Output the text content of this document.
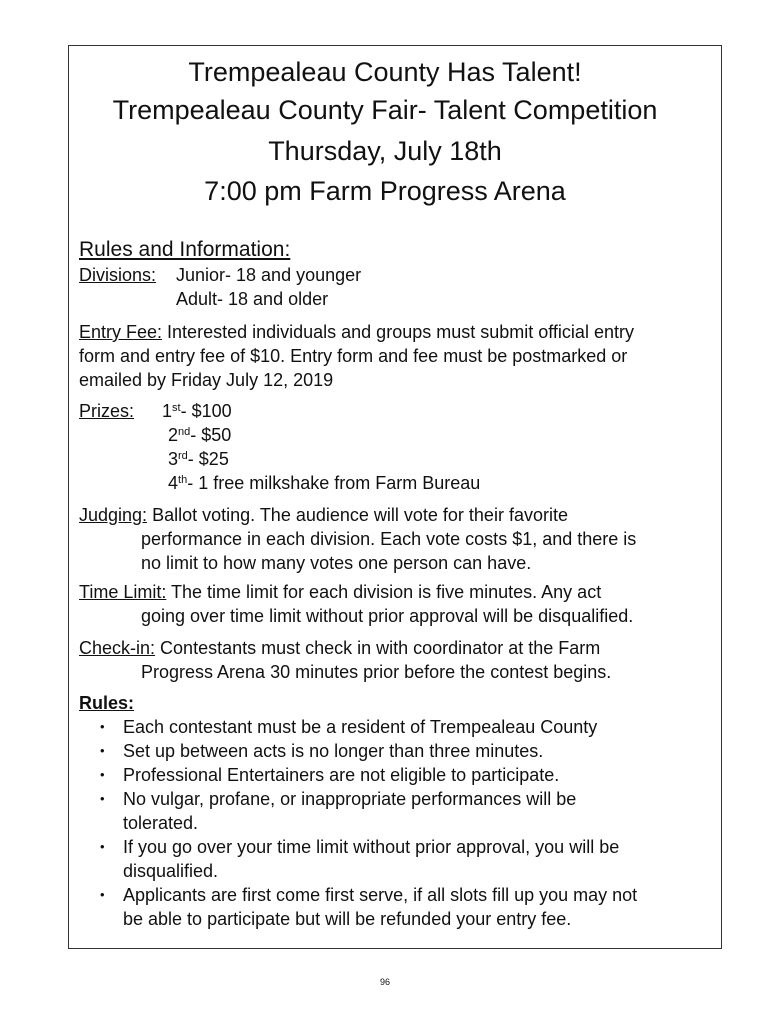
Trempealeau County Has Talent!
Trempealeau County Fair- Talent Competition
Thursday, July 18th
7:00 pm Farm Progress Arena
Rules and Information:
Divisions: Junior- 18 and younger
Adult- 18 and older
Entry Fee: Interested individuals and groups must submit official entry
form and entry fee of $10. Entry form and fee must be postmarked or
emailed by Friday July 12, 2019
Prizes: 1st- $100
2nd- $50
3rd- $25
4th- 1 free milkshake from Farm Bureau
Judging: Ballot voting. The audience will vote for their favorite
performance in each division. Each vote costs $1, and there is
no limit to how many votes one person can have.
Time Limit: The time limit for each division is five minutes. Any act
going over time limit without prior approval will be disqualified.
Check-in: Contestants must check in with coordinator at the Farm
Progress Arena 30 minutes prior before the contest begins.
Rules:
• Each contestant must be a resident of Trempealeau County
• Set up between acts is no longer than three minutes.
• Professional Entertainers are not eligible to participate.
• No vulgar, profane, or inappropriate performances will be
tolerated.
• If you go over your time limit without prior approval, you will be
disqualified.
• Applicants are first come first serve, if all slots fill up you may not
be able to participate but will be refunded your entry fee.
96
